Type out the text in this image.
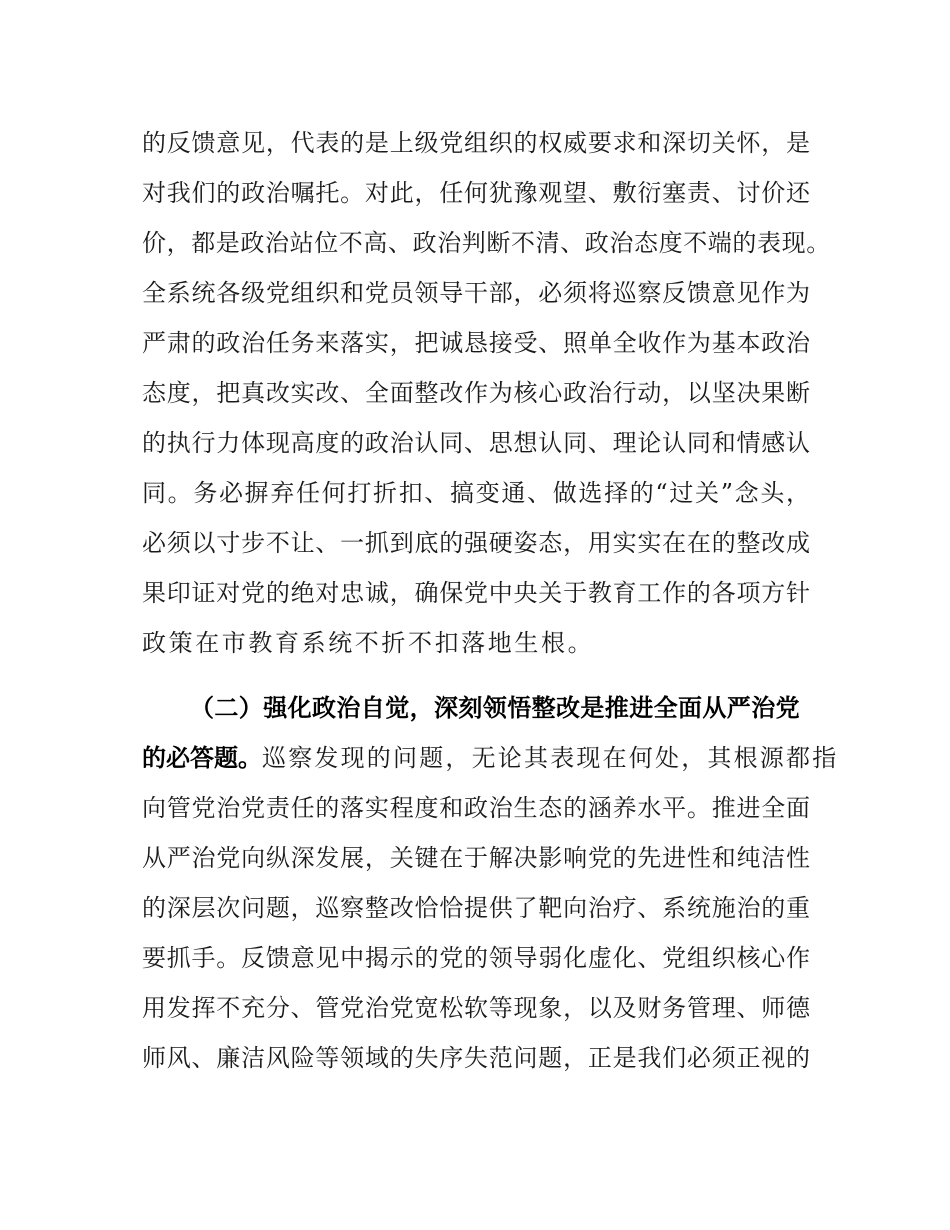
的反馈意见，代表的是上级党组织的权威要求和深切关怀，是
对我们的政治嘱托。对此，任何犹豫观望、敷衍塞责、讨价还
价，都是政治站位不高、政治判断不清、政治态度不端的表现。
全系统各级党组织和党员领导干部，必须将巡察反馈意见作为
严肃的政治任务来落实，把诚恳接受、照单全收作为基本政治
态度，把真改实改、全面整改作为核心政治行动，以坚决果断
的执行力体现高度的政治认同、思想认同、理论认同和情感认
同。务必摒弃任何打折扣、搞变通、做选择的“过关”念头，
必须以寸步不让、一抓到底的强硬姿态，用实实在在的整改成
果印证对党的绝对忠诚，确保党中央关于教育工作的各项方针
政策在市教育系统不折不扣落地生根。
（二）强化政治自觉，深刻领悟整改是推进全面从严治党
的必答题。巡察发现的问题，无论其表现在何处，其根源都指
向管党治党责任的落实程度和政治生态的涵养水平。推进全面
从严治党向纵深发展，关键在于解决影响党的先进性和纯洁性
的深层次问题，巡察整改恰恰提供了靶向治疗、系统施治的重
要抓手。反馈意见中揭示的党的领导弱化虚化、党组织核心作
用发挥不充分、管党治党宽松软等现象，以及财务管理、师德
师风、廉洁风险等领域的失序失范问题，正是我们必须正视的
